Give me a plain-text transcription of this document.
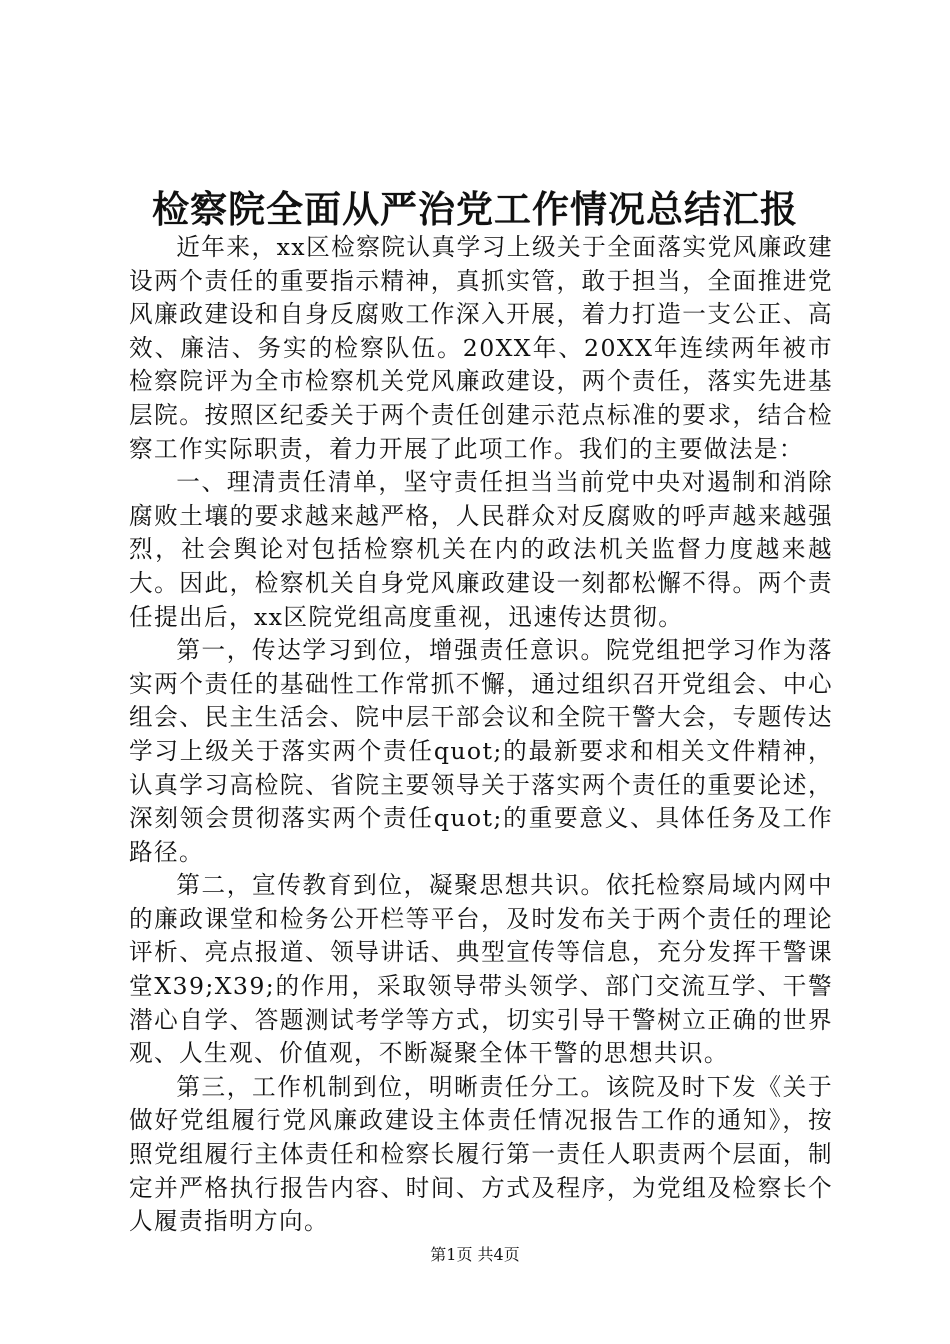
检察院全面从严治党工作情况总结汇报

近年来，xx区检察院认真学习上级关于全面落实党风廉政建设两个责任的重要指示精神，真抓实管，敢于担当，全面推进党风廉政建设和自身反腐败工作深入开展，着力打造一支公正、高效、廉洁、务实的检察队伍。20XX年、20XX年连续两年被市检察院评为全市检察机关党风廉政建设，两个责任，落实先进基层院。按照区纪委关于两个责任创建示范点标准的要求，结合检察工作实际职责，着力开展了此项工作。我们的主要做法是：

一、理清责任清单，坚守责任担当当前党中央对遏制和消除腐败土壤的要求越来越严格，人民群众对反腐败的呼声越来越强烈，社会舆论对包括检察机关在内的政法机关监督力度越来越大。因此，检察机关自身党风廉政建设一刻都松懈不得。两个责任提出后，xx区院党组高度重视，迅速传达贯彻。

第一，传达学习到位，增强责任意识。院党组把学习作为落实两个责任的基础性工作常抓不懈，通过组织召开党组会、中心组会、民主生活会、院中层干部会议和全院干警大会，专题传达学习上级关于落实两个责任quot;的最新要求和相关文件精神，认真学习高检院、省院主要领导关于落实两个责任的重要论述，深刻领会贯彻落实两个责任quot;的重要意义、具体任务及工作路径。

第二，宣传教育到位，凝聚思想共识。依托检察局域内网中的廉政课堂和检务公开栏等平台，及时发布关于两个责任的理论评析、亮点报道、领导讲话、典型宣传等信息，充分发挥干警课堂X39;X39;的作用，采取领导带头领学、部门交流互学、干警潜心自学、答题测试考学等方式，切实引导干警树立正确的世界观、人生观、价值观，不断凝聚全体干警的思想共识。

第三，工作机制到位，明晰责任分工。该院及时下发《关于做好党组履行党风廉政建设主体责任情况报告工作的通知》，按照党组履行主体责任和检察长履行第一责任人职责两个层面，制定并严格执行报告内容、时间、方式及程序，为党组及检察长个人履责指明方向。

第1页 共4页
